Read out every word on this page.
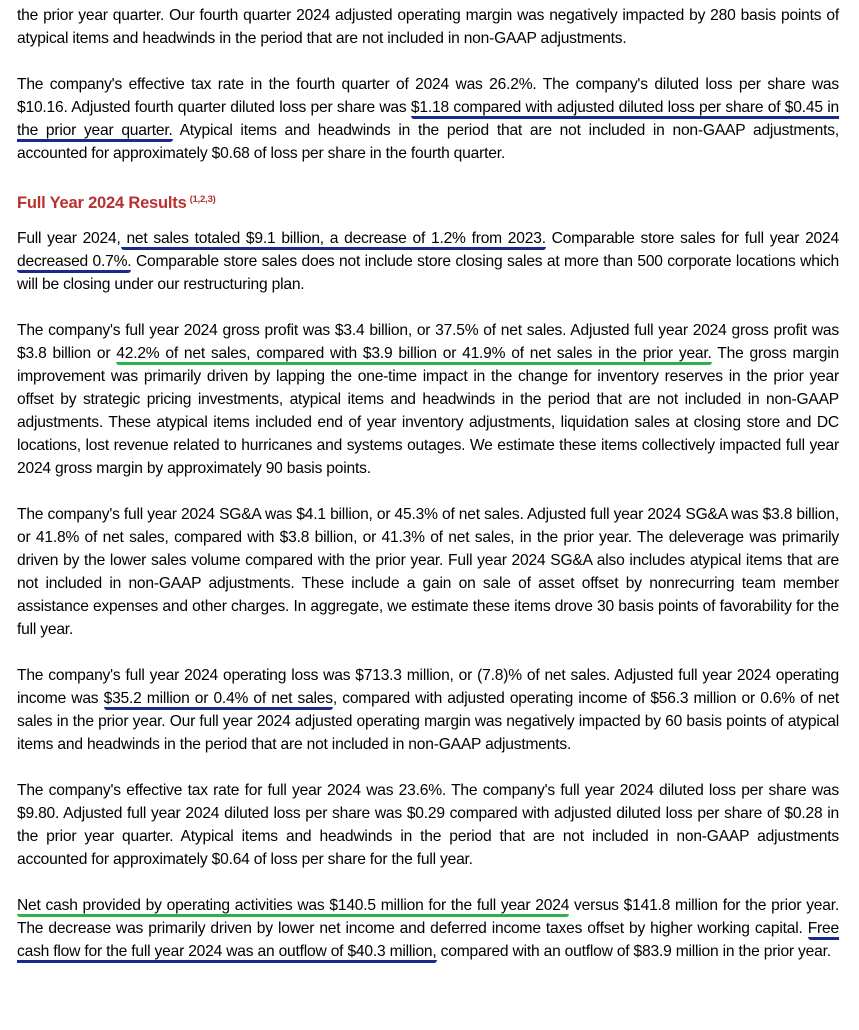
the prior year quarter. Our fourth quarter 2024 adjusted operating margin was negatively impacted by 280 basis points of atypical items and headwinds in the period that are not included in non-GAAP adjustments.

The company's effective tax rate in the fourth quarter of 2024 was 26.2%. The company's diluted loss per share was $10.16. Adjusted fourth quarter diluted loss per share was $1.18 compared with adjusted diluted loss per share of $0.45 in the prior year quarter. Atypical items and headwinds in the period that are not included in non-GAAP adjustments, accounted for approximately $0.68 of loss per share in the fourth quarter.

Full Year 2024 Results $^{(1,2,3)}$

Full year 2024, net sales totaled $9.1 billion, a decrease of 1.2% from 2023. Comparable store sales for full year 2024 decreased 0.7%. Comparable store sales does not include store closing sales at more than 500 corporate locations which will be closing under our restructuring plan.

The company's full year 2024 gross profit was $3.4 billion, or 37.5% of net sales. Adjusted full year 2024 gross profit was $3.8 billion or 42.2% of net sales, compared with $3.9 billion or 41.9% of net sales in the prior year. The gross margin improvement was primarily driven by lapping the one-time impact in the change for inventory reserves in the prior year offset by strategic pricing investments, atypical items and headwinds in the period that are not included in non-GAAP adjustments. These atypical items included end of year inventory adjustments, liquidation sales at closing store and DC locations, lost revenue related to hurricanes and systems outages. We estimate these items collectively impacted full year 2024 gross margin by approximately 90 basis points.

The company's full year 2024 SG&A was $4.1 billion, or 45.3% of net sales. Adjusted full year 2024 SG&A was $3.8 billion, or 41.8% of net sales, compared with $3.8 billion, or 41.3% of net sales, in the prior year. The deleverage was primarily driven by the lower sales volume compared with the prior year. Full year 2024 SG&A also includes atypical items that are not included in non-GAAP adjustments. These include a gain on sale of asset offset by nonrecurring team member assistance expenses and other charges. In aggregate, we estimate these items drove 30 basis points of favorability for the full year.

The company's full year 2024 operating loss was $713.3 million, or (7.8)% of net sales. Adjusted full year 2024 operating income was $35.2 million or 0.4% of net sales, compared with adjusted operating income of $56.3 million or 0.6% of net sales in the prior year. Our full year 2024 adjusted operating margin was negatively impacted by 60 basis points of atypical items and headwinds in the period that are not included in non-GAAP adjustments.

The company's effective tax rate for full year 2024 was 23.6%. The company's full year 2024 diluted loss per share was $9.80. Adjusted full year 2024 diluted loss per share was $0.29 compared with adjusted diluted loss per share of $0.28 in the prior year quarter. Atypical items and headwinds in the period that are not included in non-GAAP adjustments accounted for approximately $0.64 of loss per share for the full year.

Net cash provided by operating activities was $140.5 million for the full year 2024 versus $141.8 million for the prior year. The decrease was primarily driven by lower net income and deferred income taxes offset by higher working capital. Free cash flow for the full year 2024 was an outflow of $40.3 million, compared with an outflow of $83.9 million in the prior year.
